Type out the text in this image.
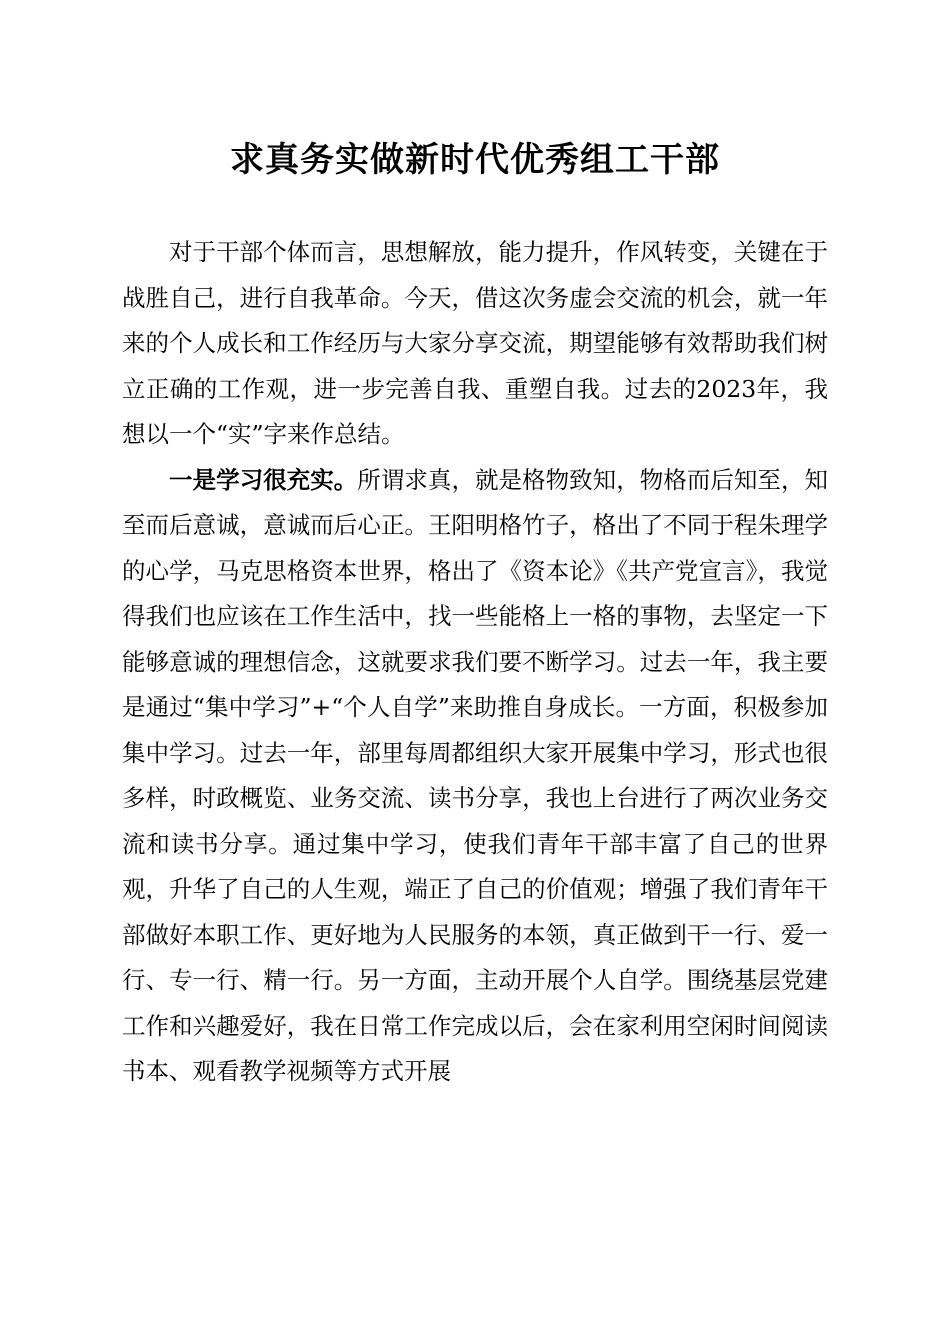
求真务实做新时代优秀组工干部

对于干部个体而言，思想解放，能力提升，作风转变，关键在于战胜自己，进行自我革命。今天，借这次务虚会交流的机会，就一年来的个人成长和工作经历与大家分享交流，期望能够有效帮助我们树立正确的工作观，进一步完善自我、重塑自我。过去的2023年，我想以一个“实”字来作总结。

一是学习很充实。所谓求真，就是格物致知，物格而后知至，知至而后意诚，意诚而后心正。王阳明格竹子，格出了不同于程朱理学的心学，马克思格资本世界，格出了《资本论》《共产党宣言》，我觉得我们也应该在工作生活中，找一些能格上一格的事物，去坚定一下能够意诚的理想信念，这就要求我们要不断学习。过去一年，我主要是通过“集中学习”+“个人自学”来助推自身成长。一方面，积极参加集中学习。过去一年，部里每周都组织大家开展集中学习，形式也很多样，时政概览、业务交流、读书分享，我也上台进行了两次业务交流和读书分享。通过集中学习，使我们青年干部丰富了自己的世界观，升华了自己的人生观，端正了自己的价值观；增强了我们青年干部做好本职工作、更好地为人民服务的本领，真正做到干一行、爱一行、专一行、精一行。另一方面，主动开展个人自学。围绕基层党建工作和兴趣爱好，我在日常工作完成以后，会在家利用空闲时间阅读书本、观看教学视频等方式开展
